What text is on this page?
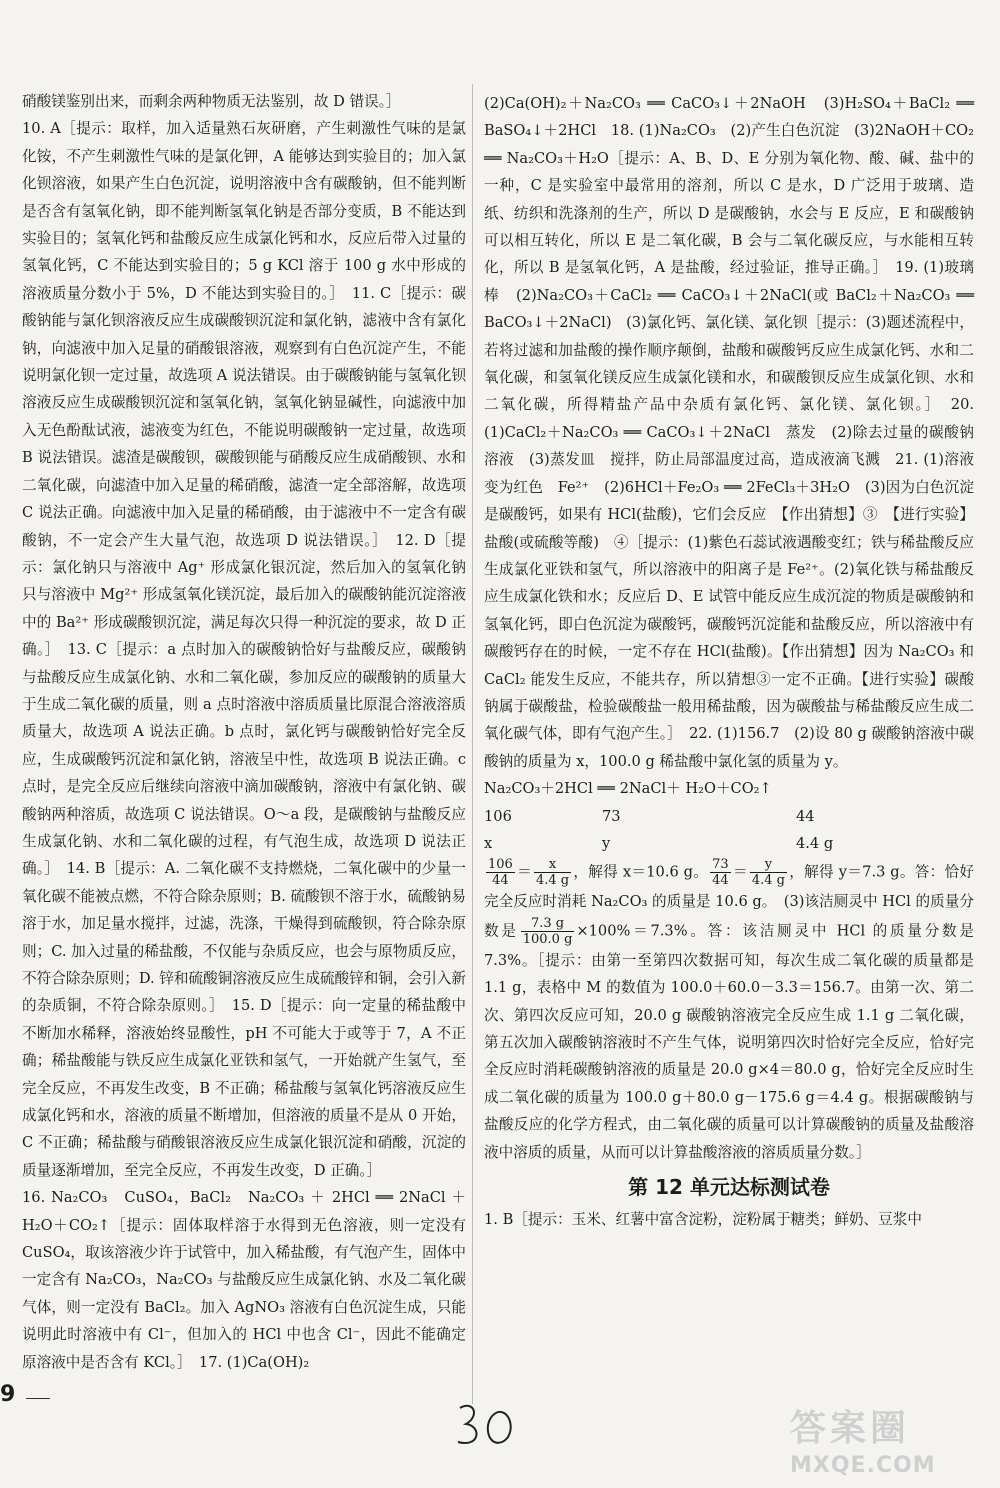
硝酸镁鉴别出来，而剩余两种物质无法鉴别，故 D 错误。］

10. A［提示：取样，加入适量熟石灰研磨，产生刺激性气味的是氯化铵，不产生刺激性气味的是氯化钾，A 能够达到实验目的；加入氯化钡溶液，如果产生白色沉淀，说明溶液中含有碳酸钠，但不能判断是否含有氢氧化钠，即不能判断氢氧化钠是否部分变质，B 不能达到实验目的；氢氧化钙和盐酸反应生成氯化钙和水，反应后带入过量的氢氧化钙，C 不能达到实验目的；5 g KCl 溶于 100 g 水中形成的溶液质量分数小于 5%，D 不能达到实验目的。］　11. C［提示：碳酸钠能与氯化钡溶液反应生成碳酸钡沉淀和氯化钠，滤液中含有氯化钠，向滤液中加入足量的硝酸银溶液，观察到有白色沉淀产生，不能说明氯化钡一定过量，故选项 A 说法错误。由于碳酸钠能与氢氧化钡溶液反应生成碳酸钡沉淀和氢氧化钠，氢氧化钠显碱性，向滤液中加入无色酚酞试液，滤液变为红色，不能说明碳酸钠一定过量，故选项 B 说法错误。滤渣是碳酸钡，碳酸钡能与硝酸反应生成硝酸钡、水和二氧化碳，向滤渣中加入足量的稀硝酸，滤渣一定全部溶解，故选项 C 说法正确。向滤液中加入足量的稀硝酸，由于滤液中不一定含有碳酸钠，不一定会产生大量气泡，故选项 D 说法错误。］　12. D［提示：氯化钠只与溶液中 Ag⁺ 形成氯化银沉淀，然后加入的氢氧化钠只与溶液中 Mg²⁺ 形成氢氧化镁沉淀，最后加入的碳酸钠能沉淀溶液中的 Ba²⁺ 形成碳酸钡沉淀，满足每次只得一种沉淀的要求，故 D 正确。］　13. C［提示：a 点时加入的碳酸钠恰好与盐酸反应，碳酸钠与盐酸反应生成氯化钠、水和二氧化碳，参加反应的碳酸钠的质量大于生成二氧化碳的质量，则 a 点时溶液中溶质质量比原混合溶液溶质质量大，故选项 A 说法正确。b 点时，氯化钙与碳酸钠恰好完全反应，生成碳酸钙沉淀和氯化钠，溶液呈中性，故选项 B 说法正确。c 点时，是完全反应后继续向溶液中滴加碳酸钠，溶液中有氯化钠、碳酸钠两种溶质，故选项 C 说法错误。O～a 段，是碳酸钠与盐酸反应生成氯化钠、水和二氧化碳的过程，有气泡生成，故选项 D 说法正确。］　14. B［提示：A. 二氧化碳不支持燃烧，二氧化碳中的少量一氧化碳不能被点燃，不符合除杂原则；B. 硫酸钡不溶于水，硫酸钠易溶于水，加足量水搅拌，过滤，洗涤，干燥得到硫酸钡，符合除杂原则；C. 加入过量的稀盐酸，不仅能与杂质反应，也会与原物质反应，不符合除杂原则；D. 锌和硫酸铜溶液反应生成硫酸锌和铜，会引入新的杂质铜，不符合除杂原则。］　15. D［提示：向一定量的稀盐酸中不断加水稀释，溶液始终显酸性，pH 不可能大于或等于 7，A 不正确；稀盐酸能与铁反应生成氯化亚铁和氢气，一开始就产生氢气，至完全反应，不再发生改变，B 不正确；稀盐酸与氢氧化钙溶液反应生成氯化钙和水，溶液的质量不断增加，但溶液的质量不是从 0 开始，C 不正确；稀盐酸与硝酸银溶液反应生成氯化银沉淀和硝酸，沉淀的质量逐渐增加，至完全反应，不再发生改变，D 正确。］

16. Na₂CO₃　CuSO₄，BaCl₂　Na₂CO₃ ＋ 2HCl ══ 2NaCl ＋ H₂O＋CO₂↑［提示：固体取样溶于水得到无色溶液，则一定没有 CuSO₄，取该溶液少许于试管中，加入稀盐酸，有气泡产生，固体中一定含有 Na₂CO₃，Na₂CO₃ 与盐酸反应生成氯化钠、水及二氧化碳气体，则一定没有 BaCl₂。加入 AgNO₃ 溶液有白色沉淀生成，只能说明此时溶液中有 Cl⁻，但加入的 HCl 中也含 Cl⁻，因此不能确定原溶液中是否含有 KCl。］　17. (1)Ca(OH)₂

(2)Ca(OH)₂＋Na₂CO₃ ══ CaCO₃↓＋2NaOH　(3)H₂SO₄＋BaCl₂ ══ BaSO₄↓＋2HCl　18. (1)Na₂CO₃　(2)产生白色沉淀　(3)2NaOH＋CO₂ ══ Na₂CO₃＋H₂O［提示：A、B、D、E 分别为氧化物、酸、碱、盐中的一种，C 是实验室中最常用的溶剂，所以 C 是水，D 广泛用于玻璃、造纸、纺织和洗涤剂的生产，所以 D 是碳酸钠，水会与 E 反应，E 和碳酸钠可以相互转化，所以 E 是二氧化碳，B 会与二氧化碳反应，与水能相互转化，所以 B 是氢氧化钙，A 是盐酸，经过验证，推导正确。］　19. (1)玻璃棒　(2)Na₂CO₃＋CaCl₂ ══ CaCO₃↓＋2NaCl(或 BaCl₂＋Na₂CO₃ ══ BaCO₃↓＋2NaCl)　(3)氯化钙、氯化镁、氯化钡［提示：(3)题述流程中，若将过滤和加盐酸的操作顺序颠倒，盐酸和碳酸钙反应生成氯化钙、水和二氧化碳，和氢氧化镁反应生成氯化镁和水，和碳酸钡反应生成氯化钡、水和二氧化碳，所得精盐产品中杂质有氯化钙、氯化镁、氯化钡。］　20. (1)CaCl₂＋Na₂CO₃ ══ CaCO₃↓＋2NaCl　蒸发　(2)除去过量的碳酸钠溶液　(3)蒸发皿　搅拌，防止局部温度过高，造成液滴飞溅　21. (1)溶液变为红色　Fe²⁺　(2)6HCl＋Fe₂O₃ ══ 2FeCl₃＋3H₂O　(3)因为白色沉淀是碳酸钙，如果有 HCl(盐酸)，它们会反应　【作出猜想】③　【进行实验】盐酸(或硫酸等酸)　④［提示：(1)紫色石蕊试液遇酸变红；铁与稀盐酸反应生成氯化亚铁和氢气，所以溶液中的阳离子是 Fe²⁺。(2)氧化铁与稀盐酸反应生成氯化铁和水；反应后 D、E 试管中能反应生成沉淀的物质是碳酸钠和氢氧化钙，即白色沉淀为碳酸钙，碳酸钙沉淀能和盐酸反应，所以溶液中有碳酸钙存在的时候，一定不存在 HCl(盐酸)。【作出猜想】因为 Na₂CO₃ 和 CaCl₂ 能发生反应，不能共存，所以猜想③一定不正确。【进行实验】碳酸钠属于碳酸盐，检验碳酸盐一般用稀盐酸，因为碳酸盐与稀盐酸反应生成二氧化碳气体，即有气泡产生。］　22. (1)156.7　(2)设 80 g 碳酸钠溶液中碳酸钠的质量为 x，100.0 g 稀盐酸中氯化氢的质量为 y。

Na₂CO₃＋2HCl ══ 2NaCl＋ H₂O＋CO₂↑
106	73	44
x	y	4.4 g

$\frac{106}{44} = \frac{x}{4.4 g}$ ，解得 x＝10.6 g。 $\frac{73}{44} = \frac{y}{4.4 g}$ ，解得 y＝7.3 g。答：恰好完全反应时消耗 Na₂CO₃ 的质量是 10.6 g。　(3)该洁厕灵中 HCl 的质量分数是 $\frac{7.3 g}{100.0 g} \times 100\%=7.3\%$。答：该洁厕灵中 HCl 的质量分数是 7.3%。［提示：由第一至第四次数据可知，每次生成二氧化碳的质量都是 1.1 g，表格中 M 的数值为 100.0＋60.0－3.3＝156.7。由第一次、第二次、第四次反应可知，20.0 g 碳酸钠溶液完全反应生成 1.1 g 二氧化碳，第五次加入碳酸钠溶液时不产生气体，说明第四次时恰好完全反应，恰好完全反应时消耗碳酸钠溶液的质量是 20.0 g×4＝80.0 g，恰好完全反应时生成二氧化碳的质量为 100.0 g＋80.0 g－175.6 g＝4.4 g。根据碳酸钠与盐酸反应的化学方程式，由二氧化碳的质量可以计算碳酸钠的质量及盐酸溶液中溶质的质量，从而可以计算盐酸溶液的溶质质量分数。］

第 12 单元达标测试卷

1. B［提示：玉米、红薯中富含淀粉，淀粉属于糖类；鲜奶、豆浆中

9
答案圈
MXQE.COM
